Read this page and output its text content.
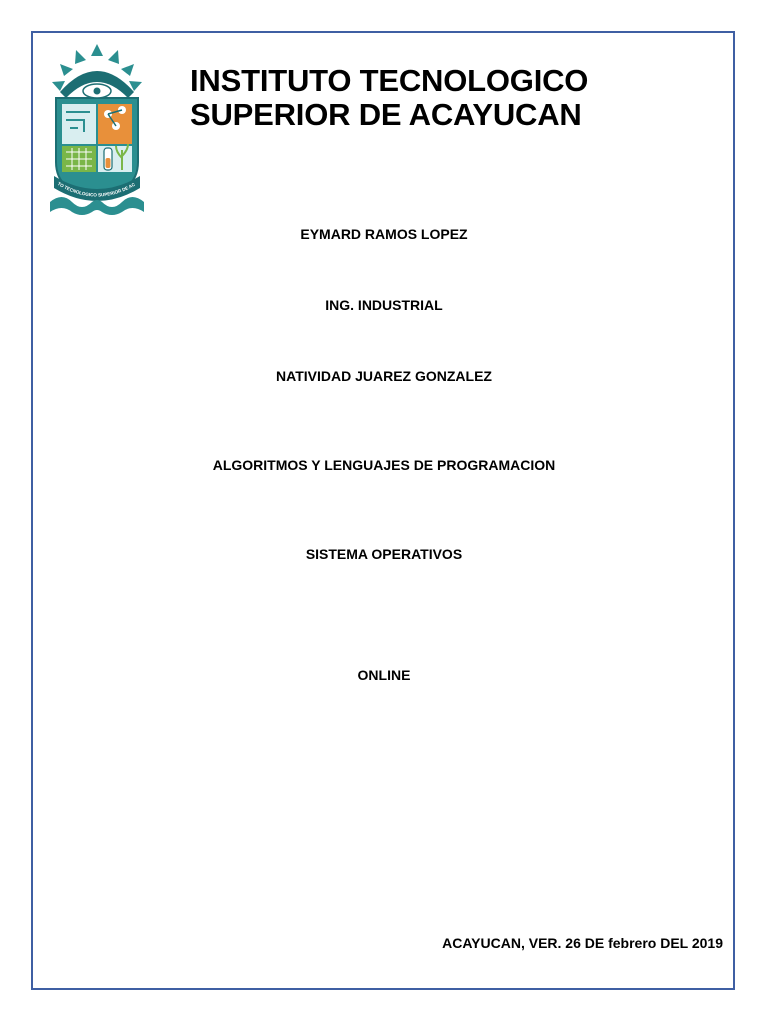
TO TECNOLOGICO SUPERIOR DE AC
INSTITUTO TECNOLOGICO
SUPERIOR DE ACAYUCAN
EYMARD RAMOS LOPEZ
ING. INDUSTRIAL
NATIVIDAD JUAREZ GONZALEZ
ALGORITMOS Y LENGUAJES DE PROGRAMACION
SISTEMA OPERATIVOS
ONLINE
ACAYUCAN, VER. 26 DE febrero DEL 2019
